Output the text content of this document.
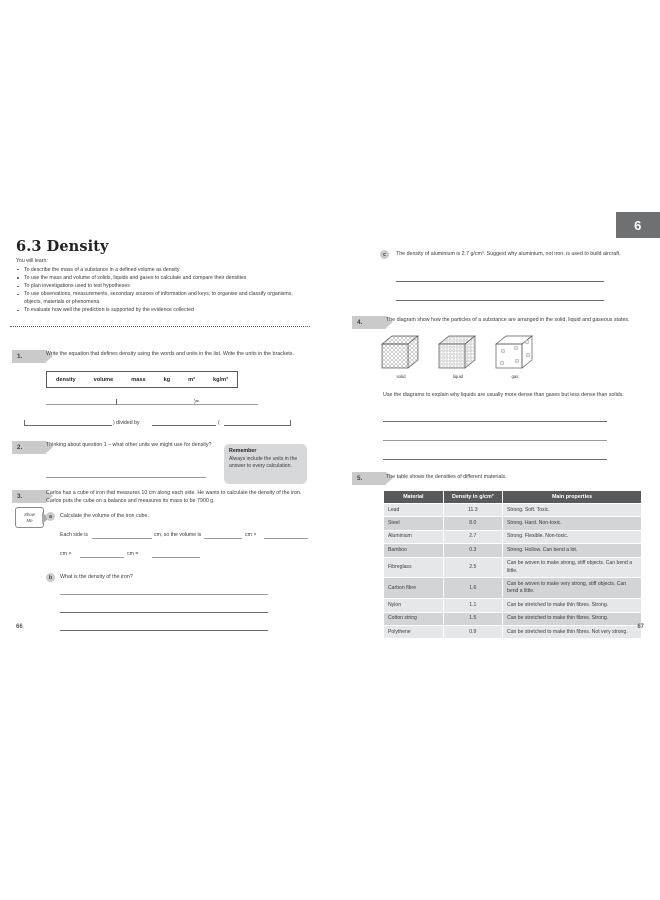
6
6.3 Density
You will learn:
To describe the mass of a substance in a defined volume as density
To use the mass and volume of solids, liquids and gases to calculate and compare their densities
To plan investigations used to test hypotheses
To use observations, measurements, secondary sources of information and keys, to organise and classify organisms, objects, materials or phenomena
To evaluate how well the prediction is supported by the evidence collected
1.	Write the equation that defines density using the words and units in the list. Write the units in the brackets.
density	volume	mass	kg	m³	kg/m³
)=
) divided by	(
2.	Thinking about question 1 – what other units we might use for density?
Remember
Always include the units in the answer to every calculation.
3.	Carlos has a cube of iron that measures 10 cm along each side. He wants to calculate the density of the iron. Carlos puts the cube on a balance and measures its mass to be 7900 g.
Show
Me
a Calculate the volume of the iron cube.
Each side is	cm, so the volume is	cm ×
cm ×	cm =
b What is the density of the iron?
66
c The density of aluminium is 2.7 g/cm³. Suggest why aluminium, not iron, is used to build aircraft.
4.	The diagram show how the particles of a substance are arranged in the solid, liquid and gaseous states.
solid	liquid	gas
Use the diagrams to explain why liquids are usually more dense than gases but less dense than solids.
5.	The table shows the densities of different materials.
Material	Density in g/cm³	Main properties
Lead	11.3	Strong. Soft. Toxic.
Steel	8.0	Strong. Hard. Non-toxic.
Aluminium	2.7	Strong. Flexible. Non-toxic.
Bamboo	0.3	Strong. Hollow. Can bend a lot.
Fibreglass	2.5	Can be woven to make strong, stiff objects. Can bend a little.
Carbon fibre	1.6	Can be woven to make very strong, stiff objects. Can bend a little.
Nylon	1.1	Can be stretched to make thin fibres. Strong.
Cotton string	1.5	Can be stretched to make thin fibres. Strong.
Polythene	0.9	Can be stretched to make thin fibres. Not very strong.
67
